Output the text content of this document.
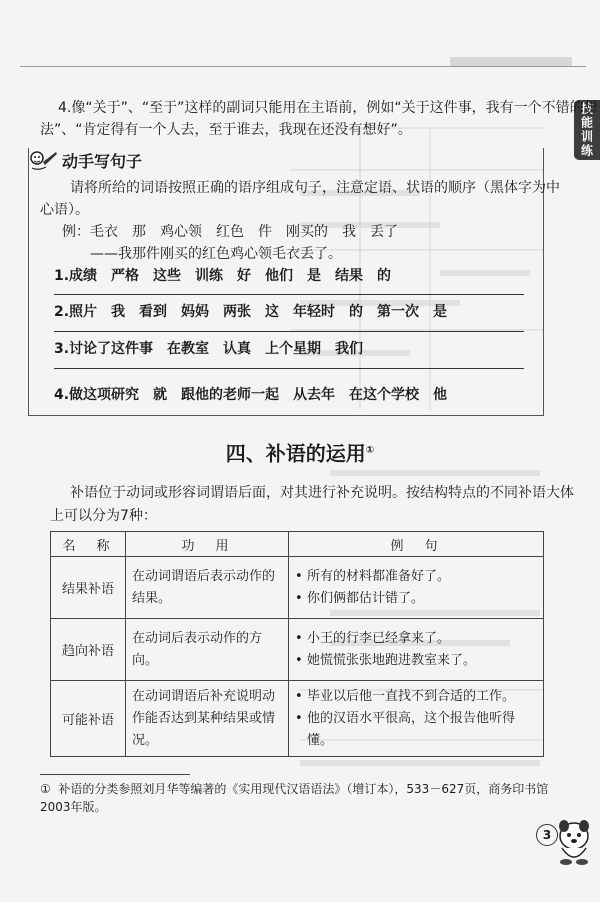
技能训练
4.像“关于”、“至于”这样的副词只能用在主语前，例如“关于这件事，我有一个不错的想
法”、“肯定得有一个人去，至于谁去，我现在还没有想好”。
动手写句子
请将所给的词语按照正确的语序组成句子，注意定语、状语的顺序（黑体字为中
心语）。
例：毛衣　那　鸡心领　红色　件　刚买的　我　丢了
——我那件刚买的红色鸡心领毛衣丢了。
1.成绩　严格　这些　训练　好　他们　是　结果　的
2.照片　我　看到　妈妈　两张　这　年轻时　的　第一次　是
3.讨论了这件事　在教室　认真　上个星期　我们
4.做这项研究　就　跟他的老师一起　从去年　在这个学校　他
四、补语的运用①
补语位于动词或形容词谓语后面，对其进行补充说明。按结构特点的不同补语大体
上可以分为7种：
名　称	功　用	例　句
结果补语	在动词谓语后表示动作的结果。	• 所有的材料都准备好了。
• 你们俩都估计错了。

趋向补语	在动词后表示动作的方向。	• 小王的行李已经拿来了。
• 她慌慌张张地跑进教室来了。

可能补语	在动词谓语后补充说明动作能否达到某种结果或情况。	• 毕业以后他一直找不到合适的工作。
• 他的汉语水平很高，这个报告他听得懂。
① 补语的分类参照刘月华等编著的《实用现代汉语语法》（增订本），533－627页，商务印书馆 2003年版。
3
